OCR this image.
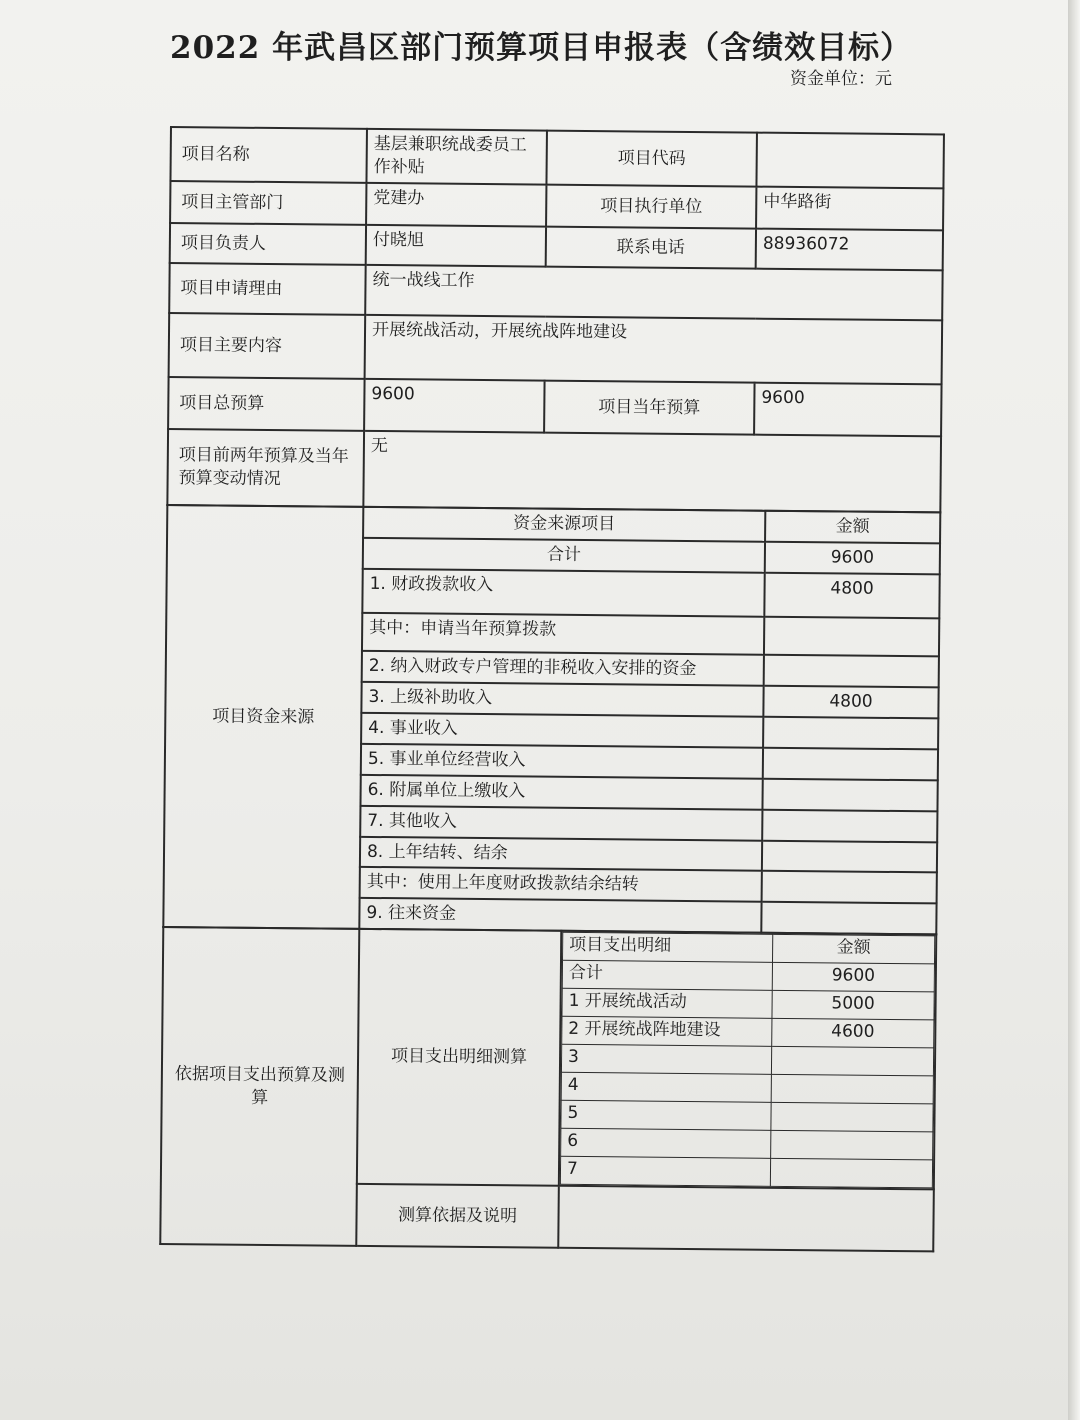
2022 年武昌区部门预算项目申报表（含绩效目标）
资金单位：元
项目名称	基层兼职统战委员工作补贴	项目代码	
项目主管部门	党建办	项目执行单位	中华路街
项目负责人	付晓旭	联系电话	88936072
项目申请理由	统一战线工作		
项目主要内容	开展统战活动，开展统战阵地建设		
项目总预算	9600	项目当年预算	9600
项目前两年预算及当年预算变动情况	无		
项目资金来源	资金来源项目	金额
	合计	9600
	1. 财政拨款收入	4800
	其中：申请当年预算拨款	
	2. 纳入财政专户管理的非税收入安排的资金	
	3. 上级补助收入	4800
	4. 事业收入	
	5. 事业单位经营收入	
	6. 附属单位上缴收入	
	7. 其他收入	
	8. 上年结转、结余	
	其中：使用上年度财政拨款结余结转	
	9. 往来资金	
依据项目支出预算及测算	项目支出明细测算	
项目支出明细	金额
合计	9600
1 开展统战活动	5000
2 开展统战阵地建设	4600
3	
4	
5	
6	
7	

测算依据及说明	
